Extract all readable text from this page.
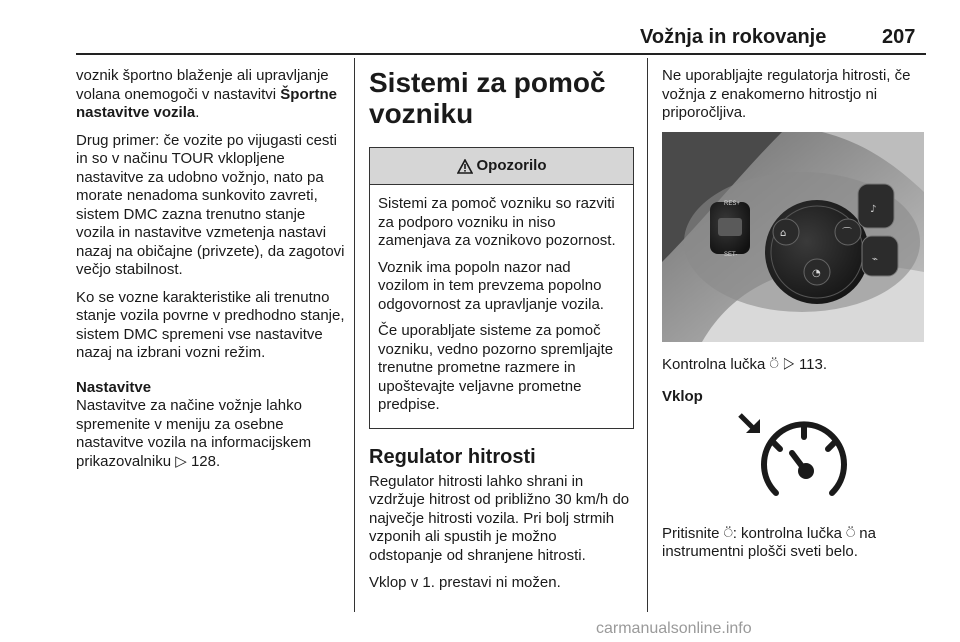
Vožnja in rokovanje	207

voznik športno blaženje ali upravljanje volana onemogoči v nastavitvi Športne nastavitve vozila.

Drug primer: če vozite po vijugasti cesti in so v načinu TOUR vklopljene nastavitve za udobno vožnjo, nato pa morate nenadoma sunkovito zavreti, sistem DMC zazna trenutno stanje vozila in nastavitve vzmetenja nastavi nazaj na običajne (privzete), da zagotovi večjo stabilnost.

Ko se vozne karakteristike ali trenutno stanje vozila povrne v predhodno stanje, sistem DMC spremeni vse nastavitve nazaj na izbrani vozni režim.

Nastavitve

Nastavitve za načine vožnje lahko spremenite v meniju za osebne nastavitve vozila na informacijskem prikazovalniku ▷ 128.

Sistemi za pomoč vozniku
Opozorilo

Sistemi za pomoč vozniku so razviti za podporo vozniku in niso zamenjava za voznikovo pozornost.

Voznik ima popoln nazor nad vozilom in tem prevzema popolno odgovornost za upravljanje vozila.

Če uporabljate sisteme za pomoč vozniku, vedno pozorno spremljajte trenutne prometne razmere in upoštevajte veljavne prometne predpise.

Regulator hitrosti

Regulator hitrosti lahko shrani in vzdržuje hitrost od približno 30 km/h do največje hitrosti vozila. Pri bolj strmih vzponih ali spustih je možno odstopanje od shranjene hitrosti.

Vklop v 1. prestavi ni možen.

Ne uporabljajte regulatorja hitrosti, če vožnja z enakomerno hitrostjo ni priporočljiva.

RES+
SET-
⌂	⌒
◔
♪
⌁

Kontrolna lučka ⍥ ▷ 113.

Vklop

Pritisnite ⍥: kontrolna lučka ⍥ na instrumentni plošči sveti belo.

carmanualsonline.info
